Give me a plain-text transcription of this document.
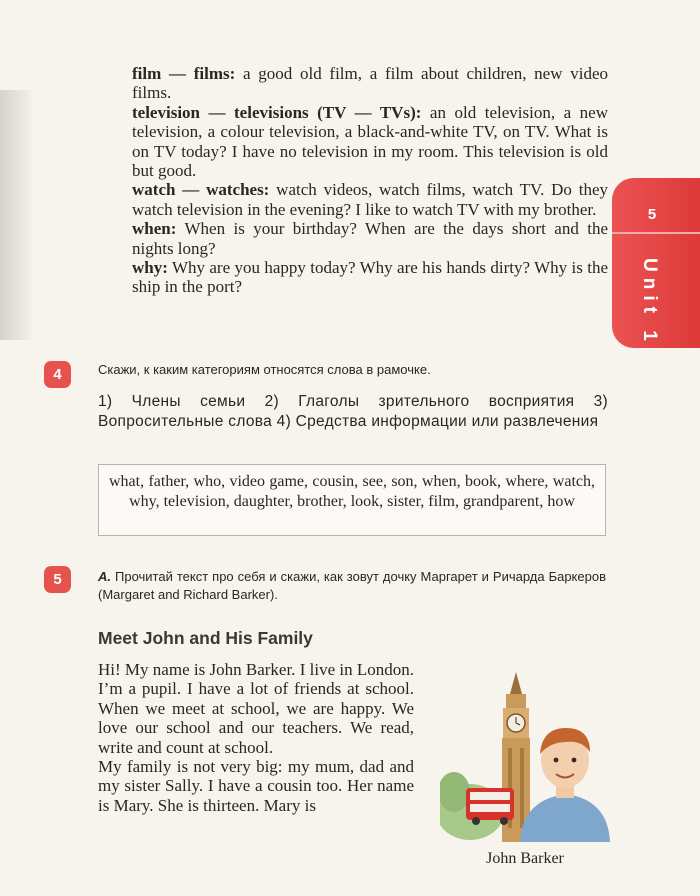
5
Unit 1

film — films: a good old film, a film about children, new video films.

television — televisions (TV — TVs): an old television, a new television, a colour television, a black-and-white TV, on TV. What is on TV today? I have no television in my room. This television is old but good.

watch — watches: watch videos, watch films, watch TV. Do they watch television in the evening? I like to watch TV with my brother.

when: When is your birthday? When are the days short and the nights long?

why: Why are you happy today? Why are his hands dirty? Why is the ship in the port?

4	Скажи, к каким категориям относятся слова в рамочке.

1) Члены семьи 2) Глаголы зрительного восприятия 3) Вопросительные слова 4) Средства информации или развлечения

what, father, who, video game, cousin, see, son, when, book, where, watch, why, television, daughter, brother, look, sister, film, grandparent, how
5	A. Прочитай текст про себя и скажи, как зовут дочку Маргарет и Ричарда Баркеров (Margaret and Richard Barker).

Meet John and His Family

Hi! My name is John Barker. I live in London. I’m a pupil. I have a lot of friends at school. When we meet at school, we are happy. We love our school and our teachers. We read, write and count at school.

My family is not very big: my mum, dad and my sister Sally. I have a cousin too. Her name is Mary. She is thirteen. Mary is

John Barker
